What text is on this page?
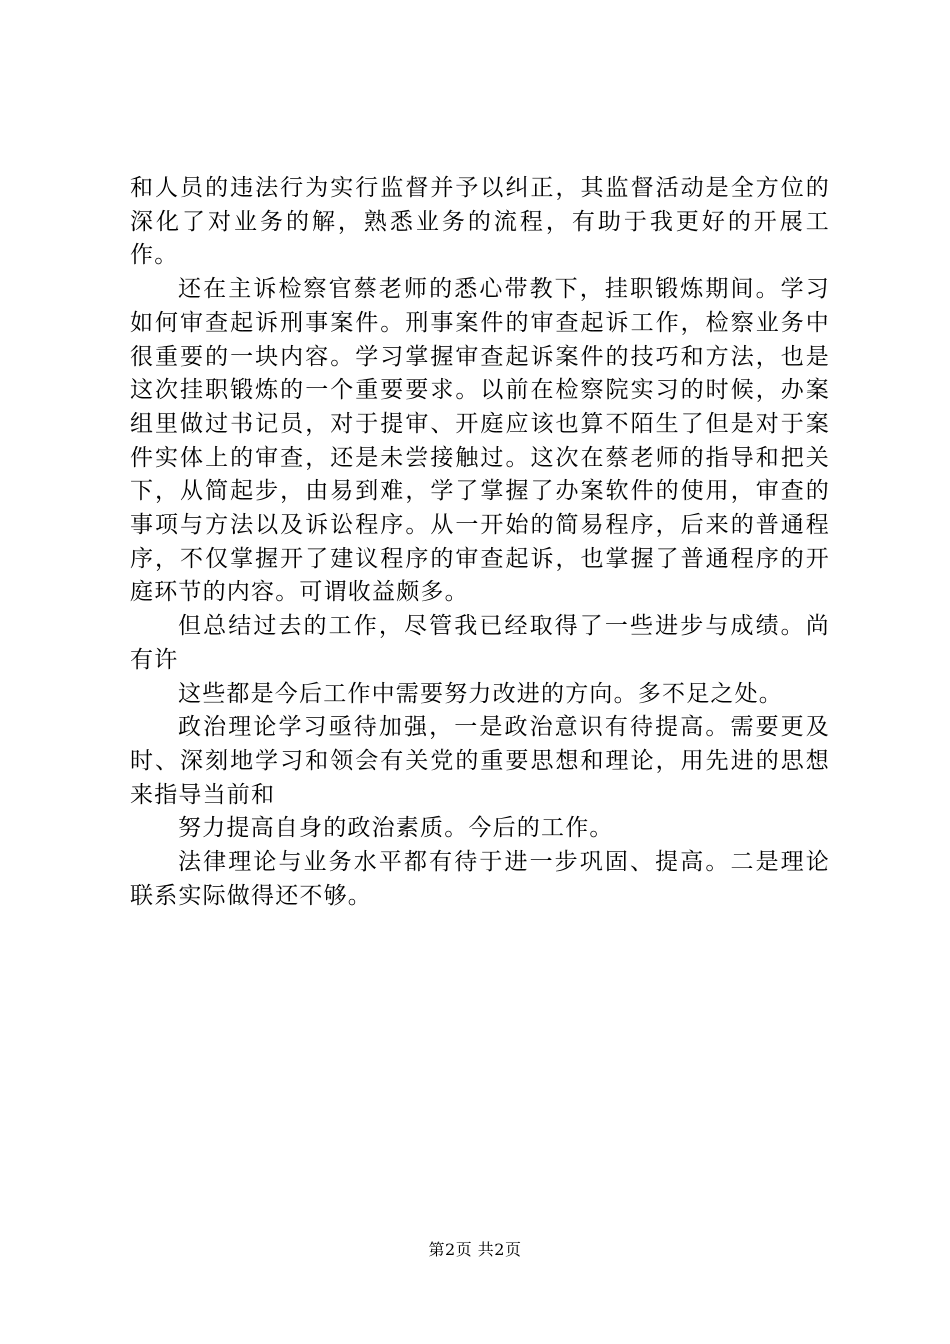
和人员的违法行为实行监督并予以纠正，其监督活动是全方位的深化了对业务的解，熟悉业务的流程，有助于我更好的开展工作。

还在主诉检察官蔡老师的悉心带教下，挂职锻炼期间。学习如何审查起诉刑事案件。刑事案件的审查起诉工作，检察业务中很重要的一块内容。学习掌握审查起诉案件的技巧和方法，也是这次挂职锻炼的一个重要要求。以前在检察院实习的时候，办案组里做过书记员，对于提审、开庭应该也算不陌生了但是对于案件实体上的审查，还是未尝接触过。这次在蔡老师的指导和把关下，从简起步，由易到难，学了掌握了办案软件的使用，审查的事项与方法以及诉讼程序。从一开始的简易程序，后来的普通程序，不仅掌握开了建议程序的审查起诉，也掌握了普通程序的开庭环节的内容。可谓收益颇多。

但总结过去的工作，尽管我已经取得了一些进步与成绩。尚有许

这些都是今后工作中需要努力改进的方向。多不足之处。

政治理论学习亟待加强，一是政治意识有待提高。需要更及时、深刻地学习和领会有关党的重要思想和理论，用先进的思想来指导当前和

努力提高自身的政治素质。今后的工作。

法律理论与业务水平都有待于进一步巩固、提高。二是理论联系实际做得还不够。

第2页 共2页
